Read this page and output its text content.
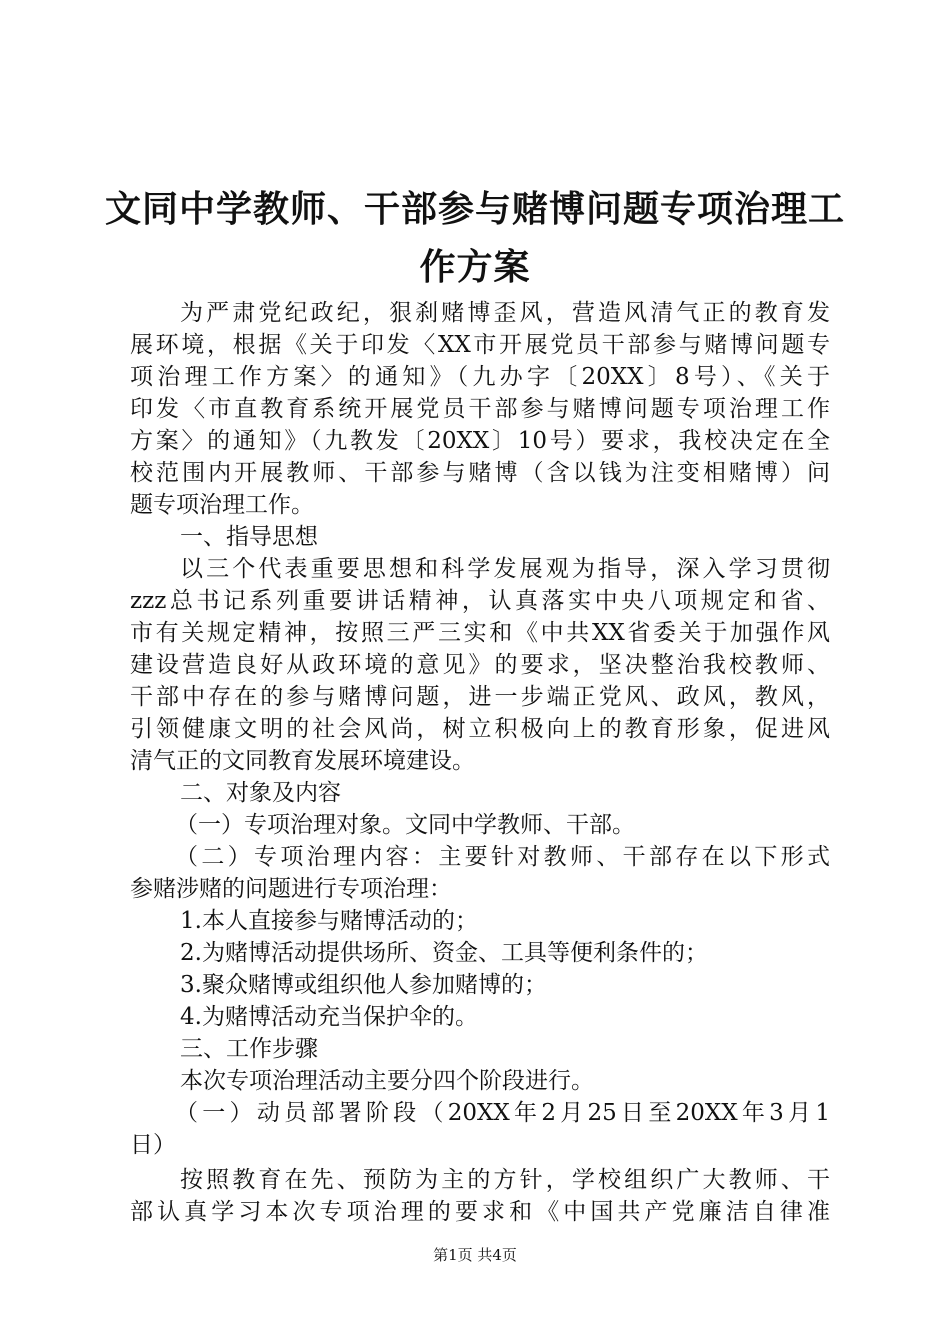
文同中学教师、干部参与赌博问题专项治理工
作方案
为严肃党纪政纪，狠刹赌博歪风，营造风清气正的教育发
展环境，根据《关于印发〈XX市开展党员干部参与赌博问题专
项治理工作方案〉的通知》（九办字〔20XX〕8号）、《关于
印发〈市直教育系统开展党员干部参与赌博问题专项治理工作
方案〉的通知》（九教发〔20XX〕10号）要求，我校决定在全
校范围内开展教师、干部参与赌博（含以钱为注变相赌博）问
题专项治理工作。
一、指导思想
以三个代表重要思想和科学发展观为指导，深入学习贯彻
zzz总书记系列重要讲话精神，认真落实中央八项规定和省、
市有关规定精神，按照三严三实和《中共XX省委关于加强作风
建设营造良好从政环境的意见》的要求，坚决整治我校教师、
干部中存在的参与赌博问题，进一步端正党风、政风，教风，
引领健康文明的社会风尚，树立积极向上的教育形象，促进风
清气正的文同教育发展环境建设。
二、对象及内容
（一）专项治理对象。文同中学教师、干部。
（二）专项治理内容：主要针对教师、干部存在以下形式
参赌涉赌的问题进行专项治理：
1.本人直接参与赌博活动的；
2.为赌博活动提供场所、资金、工具等便利条件的；
3.聚众赌博或组织他人参加赌博的；
4.为赌博活动充当保护伞的。
三、工作步骤
本次专项治理活动主要分四个阶段进行。
（一）动员部署阶段（20XX年2月25日至20XX年3月1
日）
按照教育在先、预防为主的方针，学校组织广大教师、干
部认真学习本次专项治理的要求和《中国共产党廉洁自律准
第1页 共4页
